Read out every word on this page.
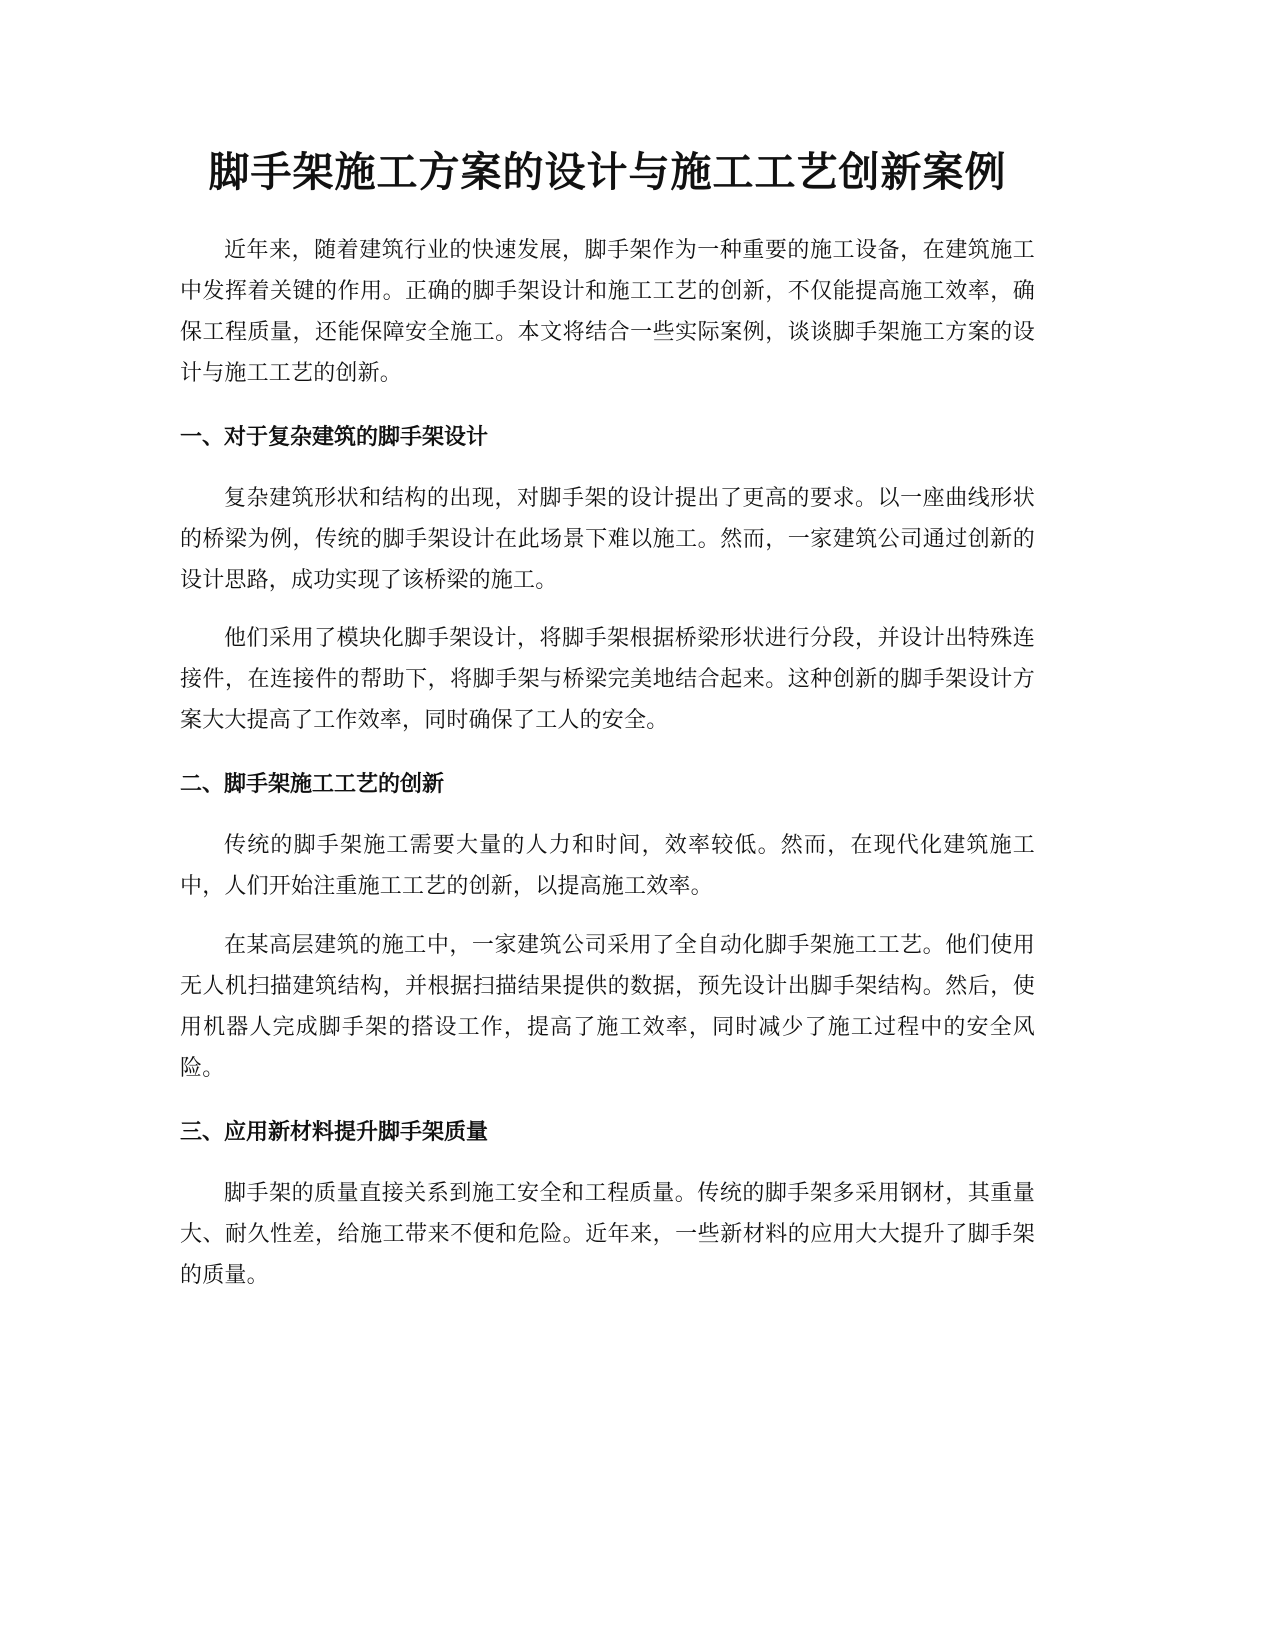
脚手架施工方案的设计与施工工艺创新案例

近年来，随着建筑行业的快速发展，脚手架作为一种重要的施工设备，在建筑施工中发挥着关键的作用。正确的脚手架设计和施工工艺的创新，不仅能提高施工效率，确保工程质量，还能保障安全施工。本文将结合一些实际案例，谈谈脚手架施工方案的设计与施工工艺的创新。

一、对于复杂建筑的脚手架设计

复杂建筑形状和结构的出现，对脚手架的设计提出了更高的要求。以一座曲线形状的桥梁为例，传统的脚手架设计在此场景下难以施工。然而，一家建筑公司通过创新的设计思路，成功实现了该桥梁的施工。

他们采用了模块化脚手架设计，将脚手架根据桥梁形状进行分段，并设计出特殊连接件，在连接件的帮助下，将脚手架与桥梁完美地结合起来。这种创新的脚手架设计方案大大提高了工作效率，同时确保了工人的安全。

二、脚手架施工工艺的创新

传统的脚手架施工需要大量的人力和时间，效率较低。然而，在现代化建筑施工中，人们开始注重施工工艺的创新，以提高施工效率。

在某高层建筑的施工中，一家建筑公司采用了全自动化脚手架施工工艺。他们使用无人机扫描建筑结构，并根据扫描结果提供的数据，预先设计出脚手架结构。然后，使用机器人完成脚手架的搭设工作，提高了施工效率，同时减少了施工过程中的安全风险。

三、应用新材料提升脚手架质量

脚手架的质量直接关系到施工安全和工程质量。传统的脚手架多采用钢材，其重量大、耐久性差，给施工带来不便和危险。近年来，一些新材料的应用大大提升了脚手架的质量。
